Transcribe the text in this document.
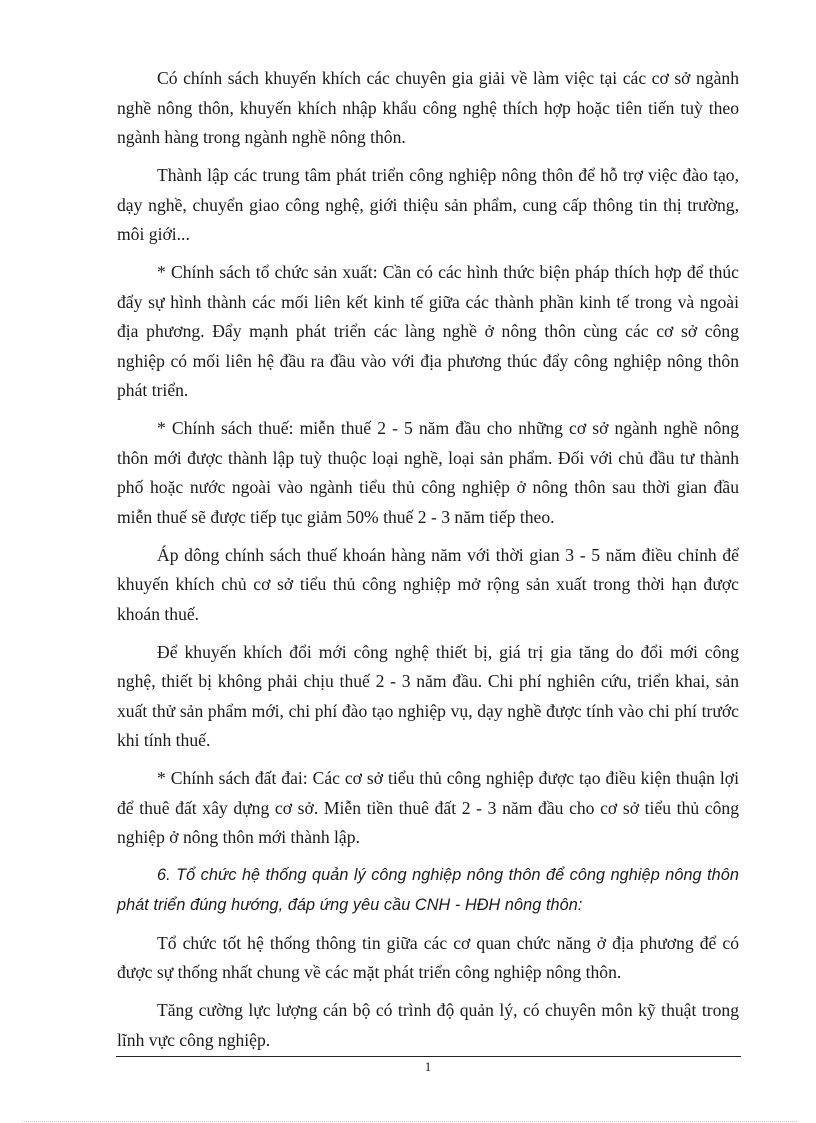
Có chính sách khuyến khích các chuyên gia giải về làm việc tại các cơ sở ngành nghề nông thôn, khuyến khích nhập khẩu công nghệ thích hợp hoặc tiên tiến tuỳ theo ngành hàng trong ngành nghề nông thôn.

Thành lập các trung tâm phát triển công nghiệp nông thôn để hỗ trợ việc đào tạo, dạy nghề, chuyển giao công nghệ, giới thiệu sản phẩm, cung cấp thông tin thị trường, môi giới...

* Chính sách tổ chức sản xuất: Cần có các hình thức biện pháp thích hợp để thúc đẩy sự hình thành các mối liên kết kinh tế giữa các thành phần kinh tế trong và ngoài địa phương. Đẩy mạnh phát triển các làng nghề ở nông thôn cùng các cơ sở công nghiệp có mối liên hệ đầu ra đầu vào với địa phương thúc đẩy công nghiệp nông thôn phát triển.

* Chính sách thuế: miễn thuế 2 - 5 năm đầu cho những cơ sở ngành nghề nông thôn mới được thành lập tuỳ thuộc loại nghề, loại sản phẩm. Đối với chủ đầu tư thành phố hoặc nước ngoài vào ngành tiểu thủ công nghiệp ở nông thôn sau thời gian đầu miễn thuế sẽ được tiếp tục giảm 50% thuế 2 - 3 năm tiếp theo.

Áp dông chính sách thuế khoán hàng năm với thời gian 3 - 5 năm điều chỉnh để khuyến khích chủ cơ sở tiểu thủ công nghiệp mở rộng sản xuất trong thời hạn được khoán thuế.

Để khuyến khích đổi mới công nghệ thiết bị, giá trị gia tăng do đổi mới công nghệ, thiết bị không phải chịu thuế 2 - 3 năm đầu. Chi phí nghiên cứu, triển khai, sản xuất thử sản phẩm mới, chi phí đào tạo nghiệp vụ, dạy nghề được tính vào chi phí trước khi tính thuế.

* Chính sách đất đai: Các cơ sở tiểu thủ công nghiệp được tạo điều kiện thuận lợi để thuê đất xây dựng cơ sở. Miễn tiền thuê đất 2 - 3 năm đầu cho cơ sở tiểu thủ công nghiệp ở nông thôn mới thành lập.

6. Tổ chức hệ thống quản lý công nghiệp nông thôn để công nghiệp nông thôn phát triển đúng hướng, đáp ứng yêu cầu CNH - HĐH nông thôn:

Tổ chức tốt hệ thống thông tin giữa các cơ quan chức năng ở địa phương để có được sự thống nhất chung về các mặt phát triển công nghiệp nông thôn.

Tăng cường lực lượng cán bộ có trình độ quản lý, có chuyên môn kỹ thuật trong lĩnh vực công nghiệp.

1
